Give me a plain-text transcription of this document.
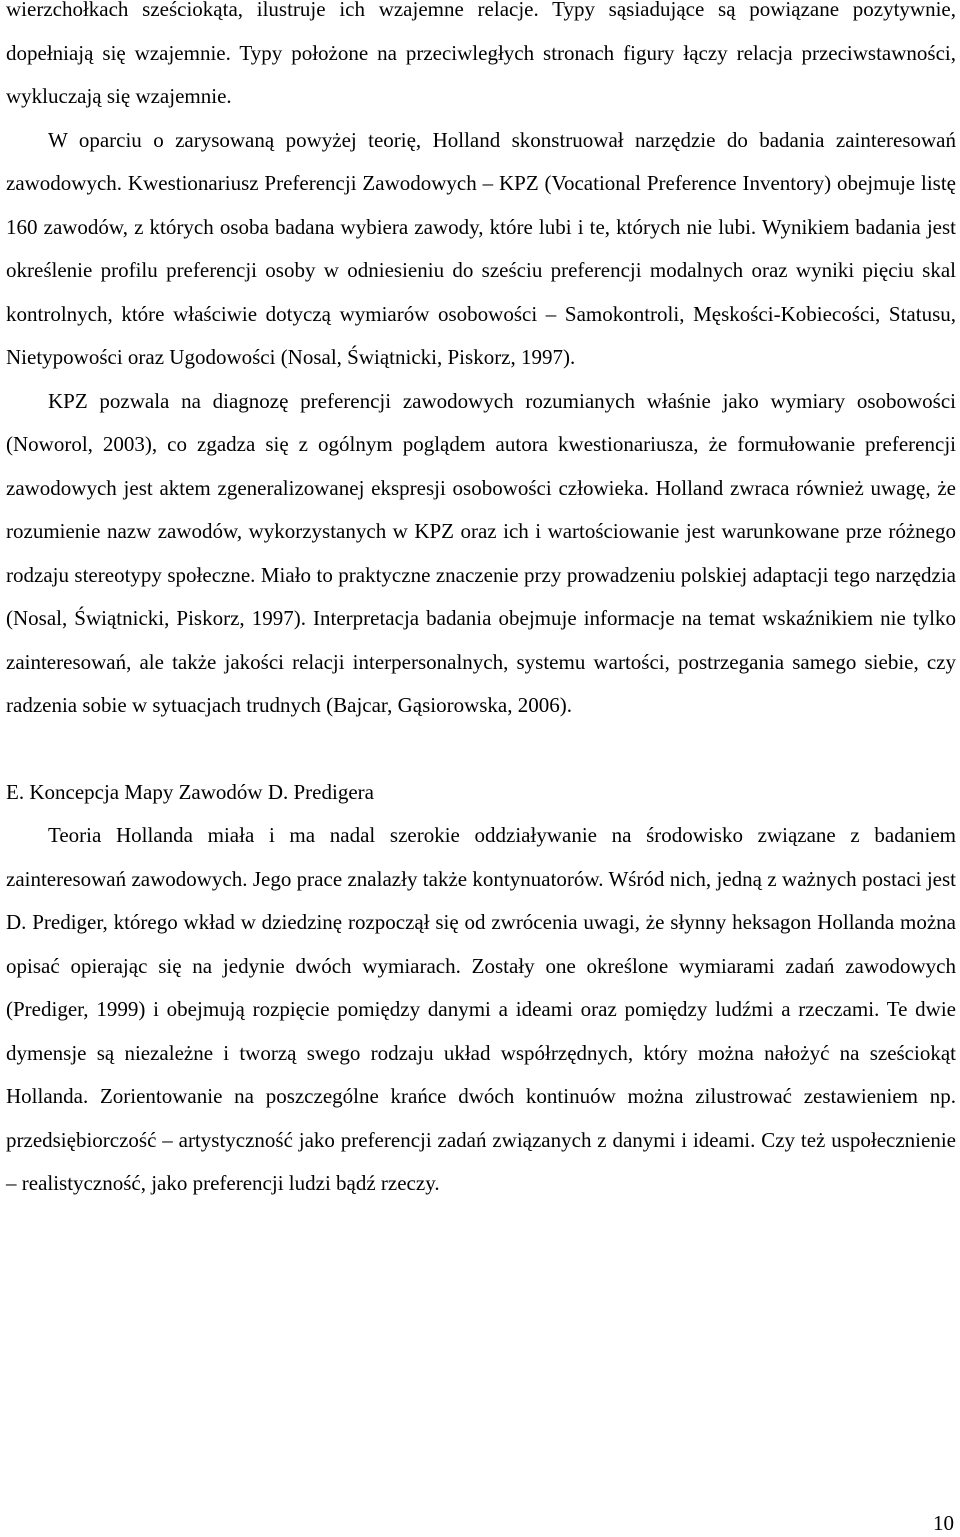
wierzchołkach sześciokąta, ilustruje ich wzajemne relacje. Typy sąsiadujące są powiązane pozytywnie, dopełniają się wzajemnie. Typy położone na przeciwległych stronach figury łączy relacja przeciwstawności, wykluczają się wzajemnie.

W oparciu o zarysowaną powyżej teorię, Holland skonstruował narzędzie do badania zainteresowań zawodowych. Kwestionariusz Preferencji Zawodowych – KPZ (Vocational Preference Inventory) obejmuje listę 160 zawodów, z których osoba badana wybiera zawody, które lubi i te, których nie lubi. Wynikiem badania jest określenie profilu preferencji osoby w odniesieniu do sześciu preferencji modalnych oraz wyniki pięciu skal kontrolnych, które właściwie dotyczą wymiarów osobowości – Samokontroli, Męskości-Kobiecości, Statusu, Nietypowości oraz Ugodowości (Nosal, Świątnicki, Piskorz, 1997).

KPZ pozwala na diagnozę preferencji zawodowych rozumianych właśnie jako wymiary osobowości (Noworol, 2003), co zgadza się z ogólnym poglądem autora kwestionariusza, że formułowanie preferencji zawodowych jest aktem zgeneralizowanej ekspresji osobowości człowieka. Holland zwraca również uwagę, że rozumienie nazw zawodów, wykorzystanych w KPZ oraz ich i wartościowanie jest warunkowane prze różnego rodzaju stereotypy społeczne. Miało to praktyczne znaczenie przy prowadzeniu polskiej adaptacji tego narzędzia (Nosal, Świątnicki, Piskorz, 1997). Interpretacja badania obejmuje informacje na temat wskaźnikiem nie tylko zainteresowań, ale także jakości relacji interpersonalnych, systemu wartości, postrzegania samego siebie, czy radzenia sobie w sytuacjach trudnych (Bajcar, Gąsiorowska, 2006).

E. Koncepcja Mapy Zawodów D. Predigera

Teoria Hollanda miała i ma nadal szerokie oddziaływanie na środowisko związane z badaniem zainteresowań zawodowych. Jego prace znalazły także kontynuatorów. Wśród nich, jedną z ważnych postaci jest D. Prediger, którego wkład w dziedzinę rozpoczął się od zwrócenia uwagi, że słynny heksagon Hollanda można opisać opierając się na jedynie dwóch wymiarach. Zostały one określone wymiarami zadań zawodowych (Prediger, 1999) i obejmują rozpięcie pomiędzy danymi a ideami oraz pomiędzy ludźmi a rzeczami. Te dwie dymensje są niezależne i tworzą swego rodzaju układ współrzędnych, który można nałożyć na sześciokąt Hollanda. Zorientowanie na poszczególne krańce dwóch kontinuów można zilustrować zestawieniem np. przedsiębiorczość – artystyczność jako preferencji zadań związanych z danymi i ideami. Czy też uspołecznienie – realistyczność, jako preferencji ludzi bądź rzeczy.

10
